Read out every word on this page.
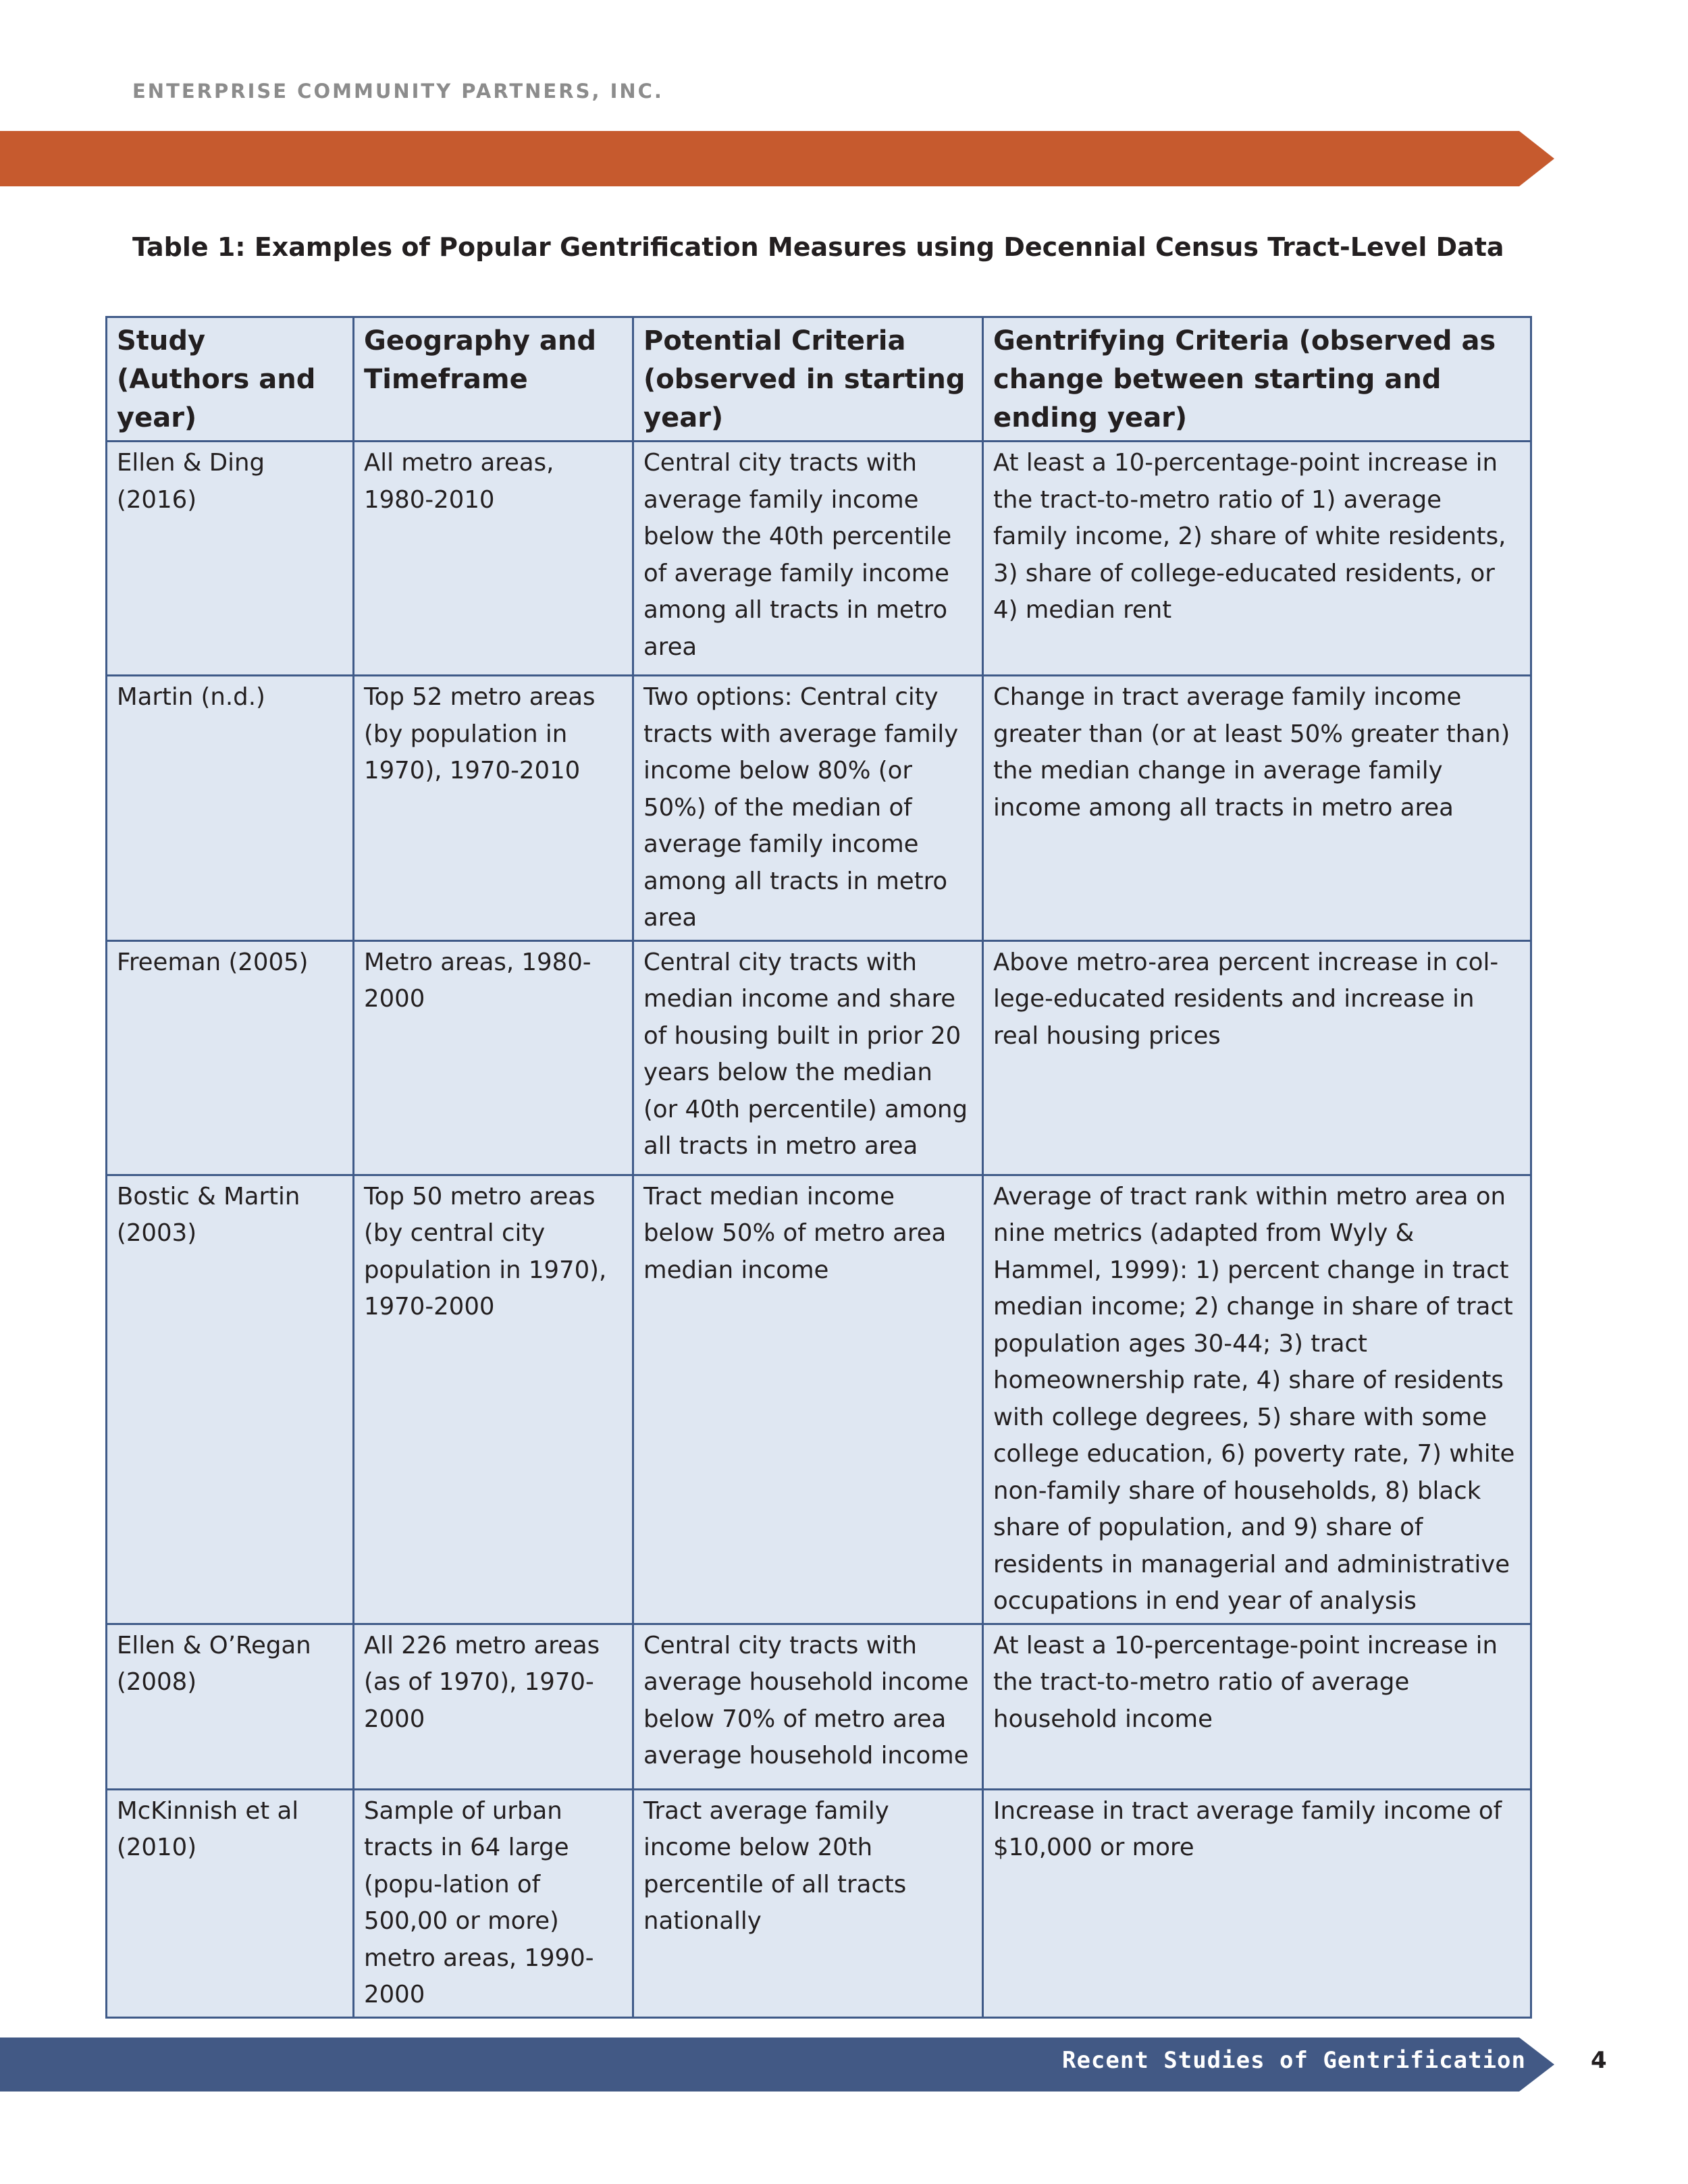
ENTERPRISE COMMUNITY PARTNERS, INC.
Table 1: Examples of Popular Gentrification Measures using Decennial Census Tract-Level Data
Study (Authors and year)	Geography and Timeframe	Potential Criteria (observed in starting year)	Gentrifying Criteria (observed as change between starting and ending year)
Ellen & Ding (2016)	All metro areas, 1980-2010	Central city tracts with average family income below the 40th percentile of average family income among all tracts in metro area	At least a 10-percentage-point increase in the tract-to-metro ratio of 1) average family income, 2) share of white residents, 3) share of college-educated residents, or 4) median rent
Martin (n.d.)	Top 52 metro areas (by population in 1970), 1970-2010	Two options: Central city tracts with average family income below 80% (or 50%) of the median of average family income among all tracts in metro area	Change in tract average family income greater than (or at least 50% greater than) the median change in average family income among all tracts in metro area
Freeman (2005)	Metro areas, 1980-2000	Central city tracts with median income and share of housing built in prior 20 years below the median (or 40th percentile) among all tracts in metro area	Above metro-area percent increase in col-lege-educated residents and increase in real housing prices
Bostic & Martin (2003)	Top 50 metro areas (by central city population in 1970), 1970-2000	Tract median income below 50% of metro area median income	Average of tract rank within metro area on nine metrics (adapted from Wyly & Hammel, 1999): 1) percent change in tract median income; 2) change in share of tract population ages 30-44; 3) tract homeownership rate, 4) share of residents with college degrees, 5) share with some college education, 6) poverty rate, 7) white non-family share of households, 8) black share of population, and 9) share of residents in managerial and administrative occupations in end year of analysis
Ellen & O’Regan (2008)	All 226 metro areas (as of 1970), 1970-2000	Central city tracts with average household income below 70% of metro area average household income	At least a 10-percentage-point increase in the tract-to-metro ratio of average household income
McKinnish et al (2010)	Sample of urban tracts in 64 large (popu-lation of 500,00 or more) metro areas, 1990-2000	Tract average family income below 20th percentile of all tracts nationally	Increase in tract average family income of $10,000 or more
Recent Studies of Gentrification	4
